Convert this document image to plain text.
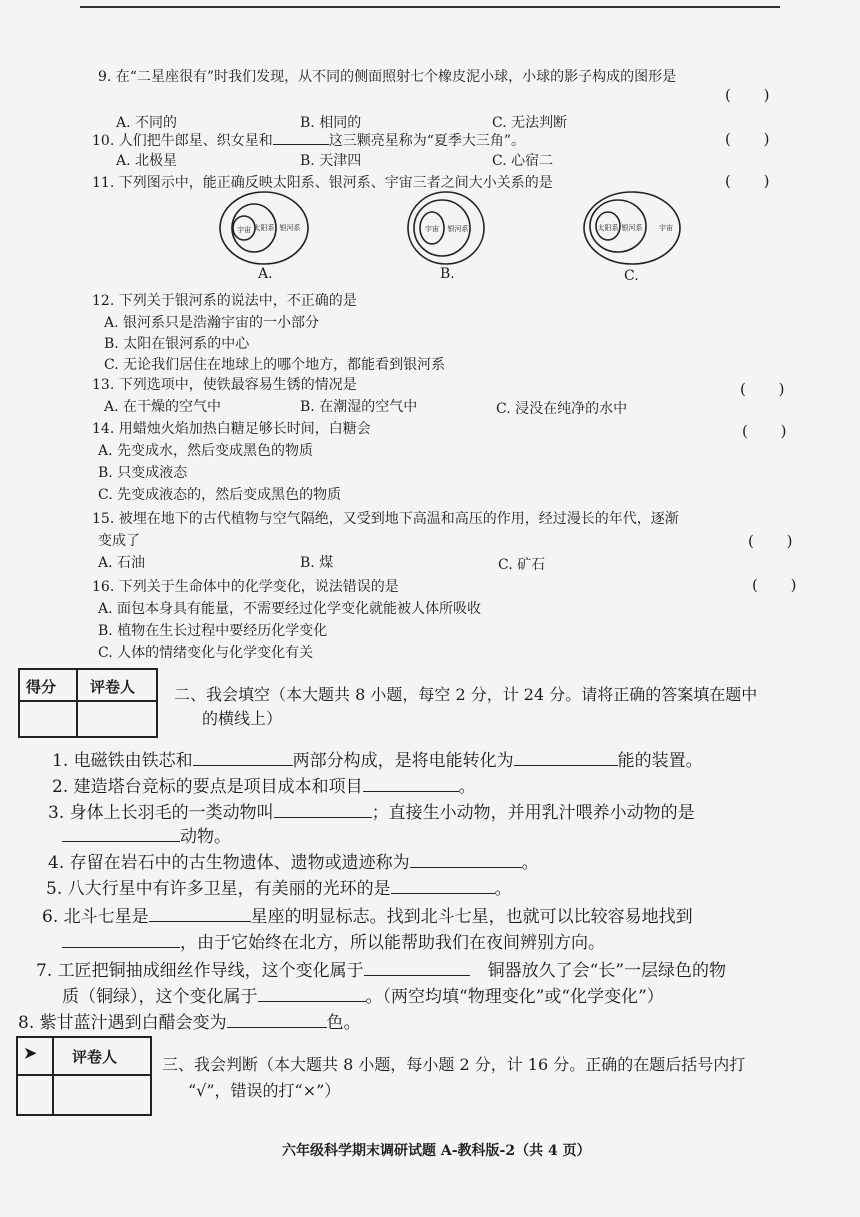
9. 在“二星座很有”时我们发现，从不同的侧面照射七个橡皮泥小球，小球的影子构成的图形是
( )
A. 不同的	B. 相同的	C. 无法判断
10. 人们把牛郎星、织女星和	这三颗亮星称为“夏季大三角”。	( )
A. 北极星	B. 天津四	C. 心宿二
11. 下列图示中，能正确反映太阳系、银河系、宇宙三者之间大小关系的是	( )
宇宙 太阳系 银河系
A.
宇宙 银河系
B.
太阳系 银河系 宇宙
C.
12. 下列关于银河系的说法中，不正确的是
A. 银河系只是浩瀚宇宙的一小部分
B. 太阳在银河系的中心
C. 无论我们居住在地球上的哪个地方，都能看到银河系
13. 下列选项中，使铁最容易生锈的情况是	( )
A. 在干燥的空气中	B. 在潮湿的空气中	C. 浸没在纯净的水中
14. 用蜡烛火焰加热白糖足够长时间，白糖会	( )
A. 先变成水，然后变成黑色的物质
B. 只变成液态
C. 先变成液态的，然后变成黑色的物质
15. 被埋在地下的古代植物与空气隔绝，又受到地下高温和高压的作用，经过漫长的年代，逐渐
变成了	( )
A. 石油	B. 煤	C. 矿石
16. 下列关于生命体中的化学变化，说法错误的是	( )
A. 面包本身具有能量，不需要经过化学变化就能被人体所吸收
B. 植物在生长过程中要经历化学变化
C. 人体的情绪变化与化学变化有关
得分 评卷人 二、我会填空（本大题共 8 小题，每空 2 分，计 24 分。请将正确的答案填在题中
的横线上）
1. 电磁铁由铁芯和	两部分构成，是将电能转化为	能的装置。
2. 建造塔台竞标的要点是项目成本和项目	。
3. 身体上长羽毛的一类动物叫	；直接生小动物，并用乳汁喂养小动物的是
动物。
4. 存留在岩石中的古生物遗体、遗物或遗迹称为	。
5. 八大行星中有许多卫星，有美丽的光环的是	。
6. 北斗七星是	星座的明显标志。找到北斗七星，也就可以比较容易地找到
，由于它始终在北方，所以能帮助我们在夜间辨别方向。
7. 工匠把铜抽成细丝作导线，这个变化属于	铜器放久了会“长”一层绿色的物
质（铜绿），这个变化属于	。（两空均填“物理变化”或“化学变化”）
8. 紫甘蓝汁遇到白醋会变为	色。
➤ 评卷人	三、我会判断（本大题共 8 小题，每小题 2 分，计 16 分。正确的在题后括号内打
“√”，错误的打“×”）
六年级科学期末调研试题 A-教科版-2（共 4 页）
